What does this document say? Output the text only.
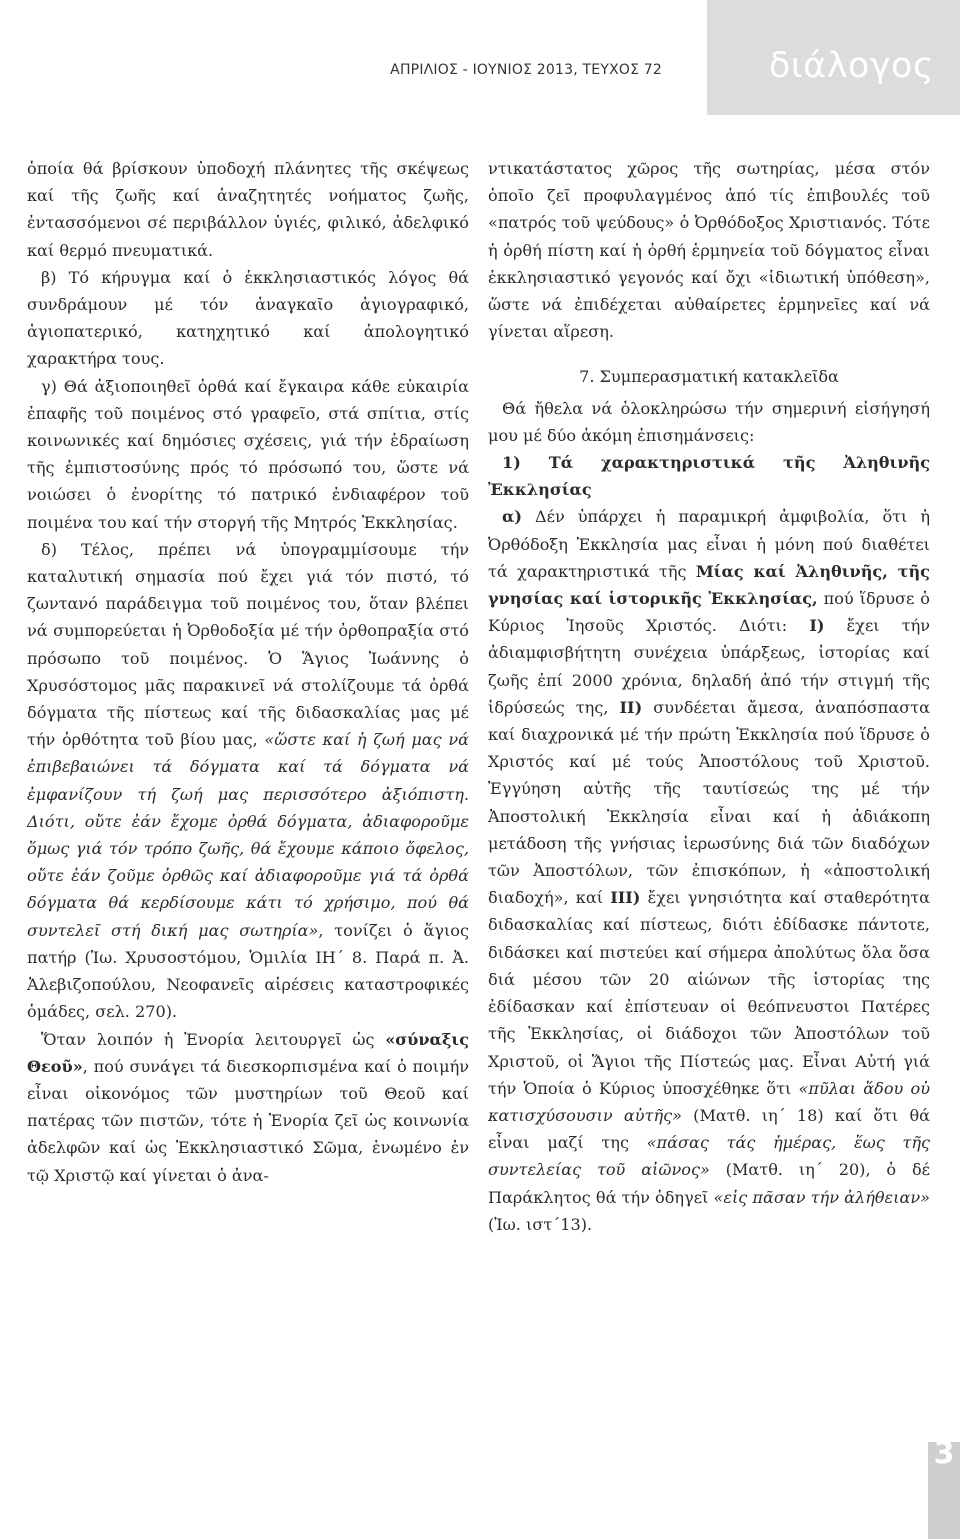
ΑΠΡΙΛΙΟΣ - ΙΟΥΝΙΟΣ 2013, ΤΕΥΧΟΣ 72	διάλογος

ὁποία θά βρίσκουν ὑποδοχή πλάνητες τῆς σκέψεως καί τῆς ζωῆς καί ἀναζητητές νοήματος ζωῆς, ἐντασσόμενοι σέ περιβάλλον ὑγιές, φιλικό, ἀδελφικό καί θερμό πνευματικά.

β) Τό κήρυγμα καί ὁ ἐκκλησιαστικός λόγος θά συνδράμουν μέ τόν ἀναγκαῖο ἁγιογραφικό, ἁγιοπατερικό, κατηχητικό καί ἀπολογητικό χαρακτήρα τους.

γ) Θά ἀξιοποιηθεῖ ὀρθά καί ἔγκαιρα κάθε εὐκαιρία ἐπαφῆς τοῦ ποιμένος στό γραφεῖο, στά σπίτια, στίς κοινωνικές καί δημόσιες σχέσεις, γιά τήν ἑδραίωση τῆς ἐμπιστοσύνης πρός τό πρόσωπό του, ὥστε νά νοιώσει ὁ ἐνορίτης τό πατρικό ἐνδιαφέρον τοῦ ποιμένα του καί τήν στοργή τῆς Μητρός Ἐκκλησίας.

δ) Τέλος, πρέπει νά ὑπογραμμίσουμε τήν καταλυτική σημασία πού ἔχει γιά τόν πιστό, τό ζωντανό παράδειγμα τοῦ ποιμένος του, ὅταν βλέπει νά συμπορεύεται ἡ Ὀρθοδοξία μέ τήν ὀρθοπραξία στό πρόσωπο τοῦ ποιμένος. Ὁ Ἅγιος Ἰωάννης ὁ Χρυσόστομος μᾶς παρακινεῖ νά στολίζουμε τά ὀρθά δόγματα τῆς πίστεως καί τῆς διδασκαλίας μας μέ τήν ὀρθότητα τοῦ βίου μας, «ὥστε καί ἡ ζωή μας νά ἐπιβεβαιώνει τά δόγματα καί τά δόγματα νά ἐμφανίζουν τή ζωή μας περισσότερο ἀξιόπιστη. Διότι, οὔτε ἐάν ἔχομε ὀρθά δόγματα, ἀδιαφοροῦμε ὅμως γιά τόν τρόπο ζωῆς, θά ἔχουμε κάποιο ὄφελος, οὔτε ἐάν ζοῦμε ὀρθῶς καί ἀδιαφοροῦμε γιά τά ὀρθά δόγματα θά κερδίσουμε κάτι τό χρήσιμο, πού θά συντελεῖ στή δική μας σωτηρία», τονίζει ὁ ἅγιος πατήρ (Ἰω. Χρυσοστόμου, Ὁμιλία ΙΗ΄ 8. Παρά π. Ἀ. Ἀλεβιζοπούλου, Νεοφανεῖς αἱρέσεις καταστροφικές ὁμάδες, σελ. 270).

Ὅταν λοιπόν ἡ Ἐνορία λειτουργεῖ ὡς «σύναξις Θεοῦ», πού συνάγει τά διεσκορπισμένα καί ὁ ποιμήν εἶναι οἰκονόμος τῶν μυστηρίων τοῦ Θεοῦ καί πατέρας τῶν πιστῶν, τότε ἡ Ἐνορία ζεῖ ὡς κοινωνία ἀδελφῶν καί ὡς Ἐκκλησιαστικό Σῶμα, ἑνωμένο ἐν τῷ Χριστῷ καί γίνεται ὁ ἀνα-

ντικατάστατος χῶρος τῆς σωτηρίας, μέσα στόν ὁποῖο ζεῖ προφυλαγμένος ἀπό τίς ἐπιβουλές τοῦ «πατρός τοῦ ψεύδους» ὁ Ὀρθόδοξος Χριστιανός. Τότε ἡ ὀρθή πίστη καί ἡ ὀρθή ἑρμηνεία τοῦ δόγματος εἶναι ἐκκλησιαστικό γεγονός καί ὄχι «ἰδιωτική ὑπόθεση», ὥστε νά ἐπιδέχεται αὐθαίρετες ἑρμηνεῖες καί νά γίνεται αἵρεση.

7. Συμπερασματική κατακλεῖδα

Θά ἤθελα νά ὁλοκληρώσω τήν σημερινή εἰσήγησή μου μέ δύο ἀκόμη ἐπισημάνσεις:

1) Τά χαρακτηριστικά τῆς Ἀληθινῆς Ἐκκλησίας

α) Δέν ὑπάρχει ἡ παραμικρή ἀμφιβολία, ὅτι ἡ Ὀρθόδοξη Ἐκκλησία μας εἶναι ἡ μόνη πού διαθέτει τά χαρακτηριστικά τῆς Μίας καί Ἀληθινῆς, τῆς γνησίας καί ἱστορικῆς Ἐκκλησίας, πού ἵδρυσε ὁ Κύριος Ἰησοῦς Χριστός. Διότι: I) ἔχει τήν ἀδιαμφισβήτητη συνέχεια ὑπάρξεως, ἱστορίας καί ζωῆς ἐπί 2000 χρόνια, δηλαδή ἀπό τήν στιγμή τῆς ἱδρύσεώς της, II) συνδέεται ἄμεσα, ἀναπόσπαστα καί διαχρονικά μέ τήν πρώτη Ἐκκλησία πού ἵδρυσε ὁ Χριστός καί μέ τούς Ἀποστόλους τοῦ Χριστοῦ. Ἐγγύηση αὐτῆς τῆς ταυτίσεώς της μέ τήν Ἀποστολική Ἐκκλησία εἶναι καί ἡ ἀδιάκοπη μετάδοση τῆς γνήσιας ἱερωσύνης διά τῶν διαδόχων τῶν Ἀποστόλων, τῶν ἐπισκόπων, ἡ «ἀποστολική διαδοχή», καί III) ἔχει γνησιότητα καί σταθερότητα διδασκαλίας καί πίστεως, διότι ἐδίδασκε πάντοτε, διδάσκει καί πιστεύει καί σήμερα ἀπολύτως ὅλα ὅσα διά μέσου τῶν 20 αἰώνων τῆς ἱστορίας της ἐδίδασκαν καί ἐπίστευαν οἱ θεόπνευστοι Πατέρες τῆς Ἐκκλησίας, οἱ διάδοχοι τῶν Ἀποστόλων τοῦ Χριστοῦ, οἱ Ἅγιοι τῆς Πίστεώς μας. Εἶναι Αὐτή γιά τήν Ὁποία ὁ Κύριος ὑποσχέθηκε ὅτι «πῦλαι ἅδου οὐ κατισχύσουσιν αὐτῆς» (Ματθ. ιη΄ 18) καί ὅτι θά εἶναι μαζί της «πάσας τάς ἡμέρας, ἕως τῆς συντελείας τοῦ αἰῶνος» (Ματθ. ιη΄ 20), ὁ δέ Παράκλητος θά τήν ὁδηγεῖ «εἰς πᾶσαν τήν ἀλήθειαν» (Ἰω. ιστ΄13).

3
